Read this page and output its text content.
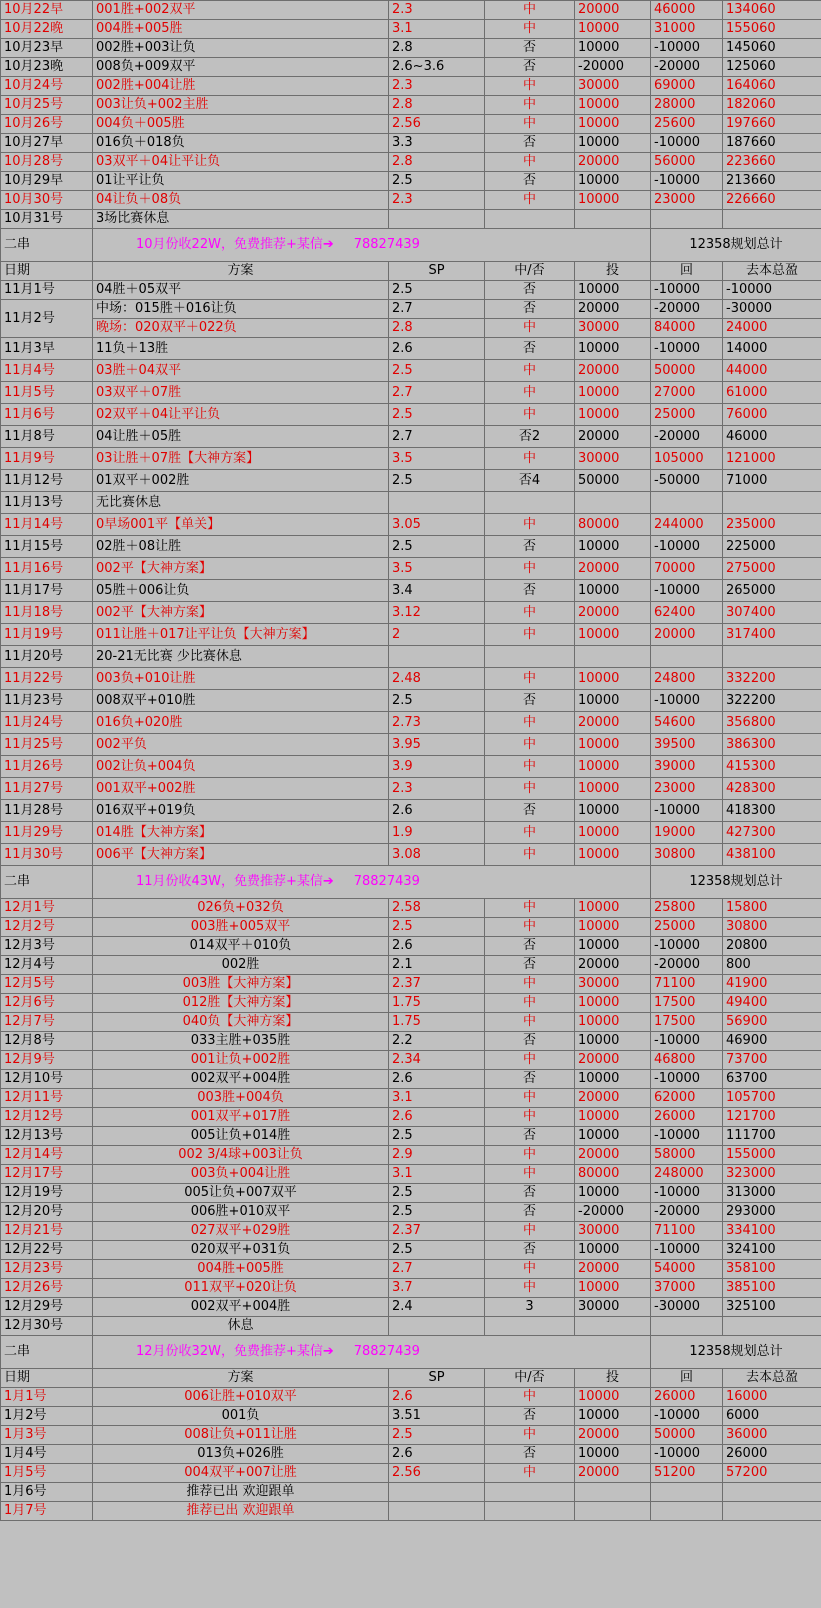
10月22早	001胜+002双平	2.3	中	20000	46000	134060
10月22晚	004胜+005胜	3.1	中	10000	31000	155060
10月23早	002胜+003让负	2.8	否	10000	-10000	145060
10月23晚	008负+009双平	2.6~3.6	否	-20000	-20000	125060
10月24号	002胜+004让胜	2.3	中	30000	69000	164060
10月25号	003让负+002主胜	2.8	中	10000	28000	182060
10月26号	004负＋005胜	2.56	中	10000	25600	197660
10月27早	016负＋018负	3.3	否	10000	-10000	187660
10月28号	03双平＋04让平让负	2.8	中	20000	56000	223660
10月29早	01让平让负	2.5	否	10000	-10000	213660
10月30号	04让负＋08负	2.3	中	10000	23000	226660
10月31号	3场比赛休息					
二串	10月份收22W，免费推荐+某信➔ 78827439				12358规划总计	
日期	方案	SP	中/否	投	回	去本总盈
11月1号	04胜＋05双平	2.5	否	10000	-10000	-10000
11月2号	中场：015胜＋016让负	2.7	否	20000	-20000	-30000
	晚场：020双平＋022负	2.8	中	30000	84000	24000
11月3早	11负＋13胜	2.6	否	10000	-10000	14000
11月4号	03胜＋04双平	2.5	中	20000	50000	44000
11月5号	03双平＋07胜	2.7	中	10000	27000	61000
11月6号	02双平＋04让平让负	2.5	中	10000	25000	76000
11月8号	04让胜＋05胜	2.7	否2	20000	-20000	46000
11月9号	03让胜＋07胜【大神方案】	3.5	中	30000	105000	121000
11月12号	01双平＋002胜	2.5	否4	50000	-50000	71000
11月13号	无比赛休息					
11月14号	0早场001平【单关】	3.05	中	80000	244000	235000
11月15号	02胜＋08让胜	2.5	否	10000	-10000	225000
11月16号	002平【大神方案】	3.5	中	20000	70000	275000
11月17号	05胜＋006让负	3.4	否	10000	-10000	265000
11月18号	002平【大神方案】	3.12	中	20000	62400	307400
11月19号	011让胜＋017让平让负【大神方案】	2	中	10000	20000	317400
11月20号	20-21无比赛 少比赛休息					
11月22号	003负+010让胜	2.48	中	10000	24800	332200
11月23号	008双平+010胜	2.5	否	10000	-10000	322200
11月24号	016负+020胜	2.73	中	20000	54600	356800
11月25号	002平负	3.95	中	10000	39500	386300
11月26号	002让负+004负	3.9	中	10000	39000	415300
11月27号	001双平+002胜	2.3	中	10000	23000	428300
11月28号	016双平+019负	2.6	否	10000	-10000	418300
11月29号	014胜【大神方案】	1.9	中	10000	19000	427300
11月30号	006平【大神方案】	3.08	中	10000	30800	438100
二串	11月份收43W，免费推荐+某信➔ 78827439				12358规划总计	
12月1号	026负+032负	2.58	中	10000	25800	15800
12月2号	003胜+005双平	2.5	中	10000	25000	30800
12月3号	014双平＋010负	2.6	否	10000	-10000	20800
12月4号	002胜	2.1	否	20000	-20000	800
12月5号	003胜【大神方案】	2.37	中	30000	71100	41900
12月6号	012胜【大神方案】	1.75	中	10000	17500	49400
12月7号	040负【大神方案】	1.75	中	10000	17500	56900
12月8号	033主胜+035胜	2.2	否	10000	-10000	46900
12月9号	001让负+002胜	2.34	中	20000	46800	73700
12月10号	002双平+004胜	2.6	否	10000	-10000	63700
12月11号	003胜+004负	3.1	中	20000	62000	105700
12月12号	001双平+017胜	2.6	中	10000	26000	121700
12月13号	005让负+014胜	2.5	否	10000	-10000	111700
12月14号	002 3/4球+003让负	2.9	中	20000	58000	155000
12月17号	003负+004让胜	3.1	中	80000	248000	323000
12月19号	005让负+007双平	2.5	否	10000	-10000	313000
12月20号	006胜+010双平	2.5	否	-20000	-20000	293000
12月21号	027双平+029胜	2.37	中	30000	71100	334100
12月22号	020双平+031负	2.5	否	10000	-10000	324100
12月23号	004胜+005胜	2.7	中	20000	54000	358100
12月26号	011双平+020让负	3.7	中	10000	37000	385100
12月29号	002双平+004胜	2.4	3	30000	-30000	325100
12月30号	休息					
二串	12月份收32W，免费推荐+某信➔ 78827439				12358规划总计	
日期	方案	SP	中/否	投	回	去本总盈
1月1号	006让胜+010双平	2.6	中	10000	26000	16000
1月2号	001负	3.51	否	10000	-10000	6000
1月3号	008让负+011让胜	2.5	中	20000	50000	36000
1月4号	013负+026胜	2.6	否	10000	-10000	26000
1月5号	004双平+007让胜	2.56	中	20000	51200	57200
1月6号	推荐已出 欢迎跟单					
1月7号	推荐已出 欢迎跟单					
